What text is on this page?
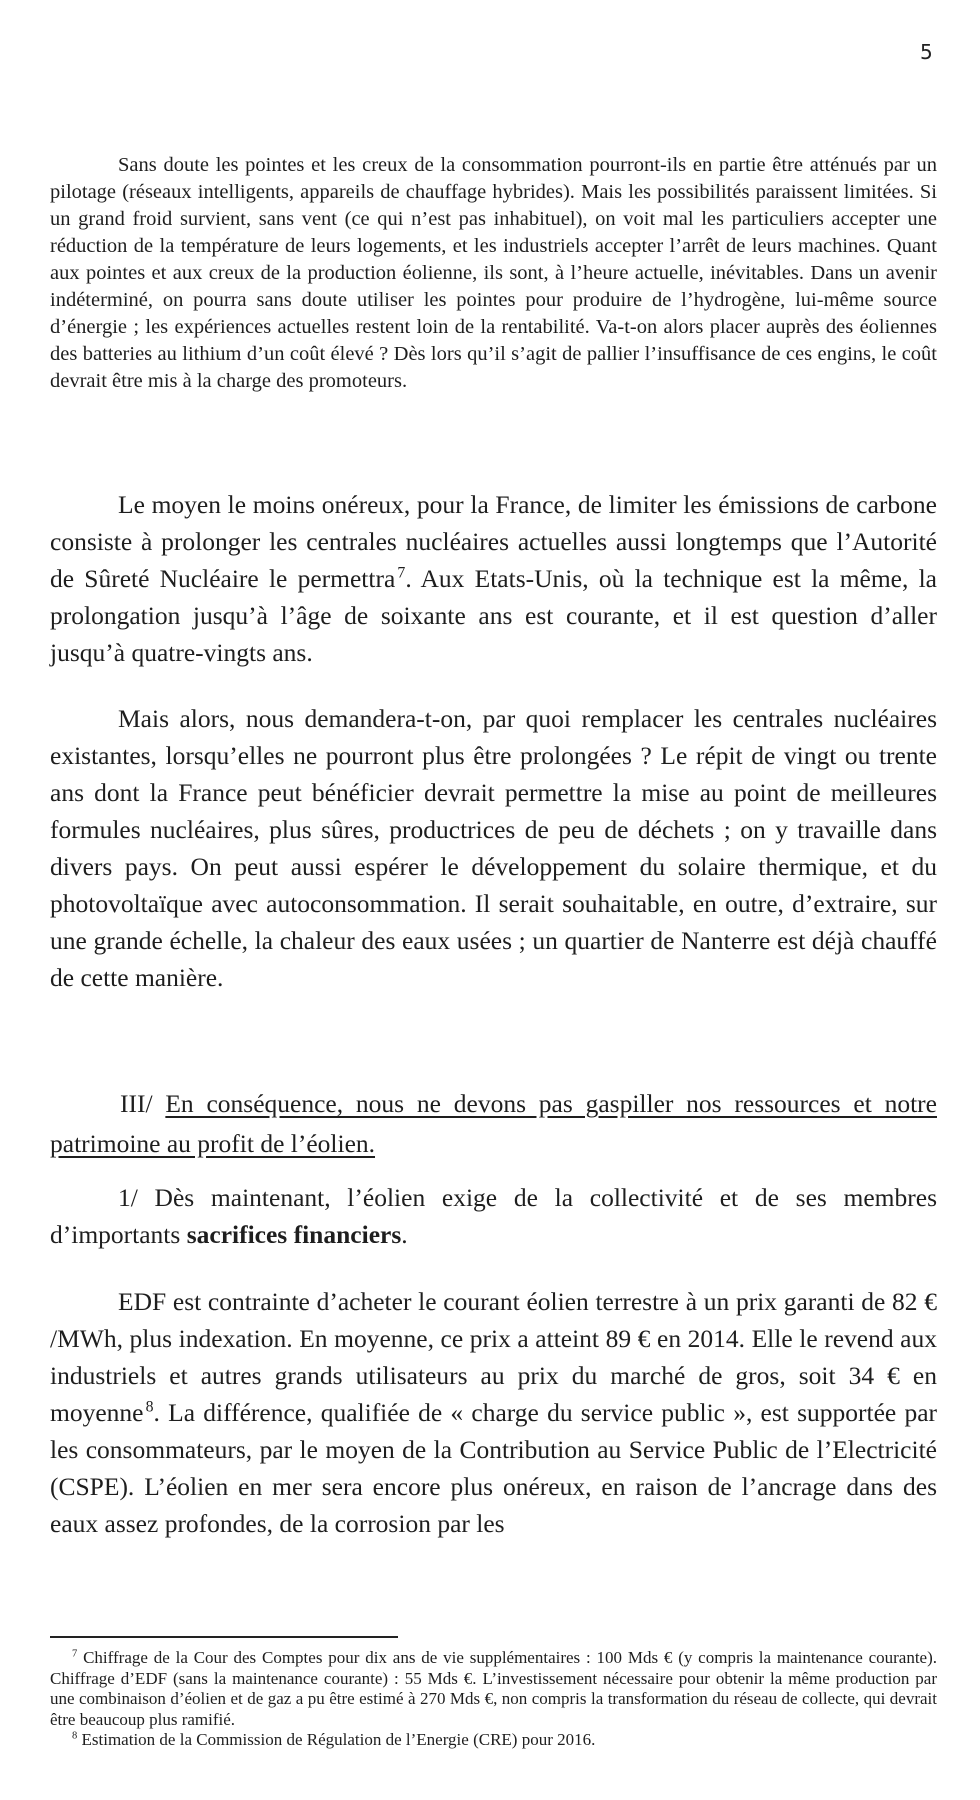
5

Sans doute les pointes et les creux de la consommation pourront-ils en partie être atténués par un pilotage (réseaux intelligents, appareils de chauffage hybrides). Mais les possibilités paraissent limitées. Si un grand froid survient, sans vent (ce qui n’est pas inhabituel), on voit mal les particuliers accepter une réduction de la température de leurs logements, et les industriels accepter l’arrêt de leurs machines. Quant aux pointes et aux creux de la production éolienne, ils sont, à l’heure actuelle, inévitables. Dans un avenir indéterminé, on pourra sans doute utiliser les pointes pour produire de l’hydrogène, lui-même source d’énergie ; les expériences actuelles restent loin de la rentabilité. Va-t-on alors placer auprès des éoliennes des batteries au lithium d’un coût élevé ? Dès lors qu’il s’agit de pallier l’insuffisance de ces engins, le coût devrait être mis à la charge des promoteurs.

Le moyen le moins onéreux, pour la France, de limiter les émissions de carbone consiste à prolonger les centrales nucléaires actuelles aussi longtemps que l’Autorité de Sûreté Nucléaire le permettra  $^7$. Aux Etats-Unis, où la technique est la même, la prolongation jusqu’à l’âge de soixante ans est courante, et il est question d’aller jusqu’à quatre-vingts ans.

Mais alors, nous demandera-t-on, par quoi remplacer les centrales nucléaires existantes, lorsqu’elles ne pourront plus être prolongées ? Le répit de vingt ou trente ans dont la France peut bénéficier devrait permettre la mise au point de meilleures formules nucléaires, plus sûres, productrices de peu de déchets ; on y travaille dans divers pays. On peut aussi espérer le développement du solaire thermique, et du photovoltaïque avec autoconsommation. Il serait souhaitable, en outre, d’extraire, sur une grande échelle, la chaleur des eaux usées ; un quartier de Nanterre est déjà chauffé de cette manière.

III/ En conséquence, nous ne devons pas gaspiller nos ressources et notre patrimoine au profit de l’éolien.

1/ Dès maintenant, l’éolien exige de la collectivité et de ses membres d’importants sacrifices financiers.

EDF est contrainte d’acheter le courant éolien terrestre à un prix garanti de 82 € /MWh, plus indexation. En moyenne, ce prix a atteint 89 € en 2014. Elle le revend aux industriels et autres grands utilisateurs au prix du marché de gros, soit 34 € en moyenne  $^8$. La différence, qualifiée de « charge du service public », est supportée par les consommateurs, par le moyen de la Contribution au Service Public de l’Electricité (CSPE). L’éolien en mer sera encore plus onéreux, en raison de l’ancrage dans des eaux assez profondes, de la corrosion par les

$^7$ Chiffrage de la Cour des Comptes pour dix ans de vie supplémentaires : 100 Mds € (y compris la maintenance courante). Chiffrage d’EDF (sans la maintenance courante) : 55 Mds €. L’investissement nécessaire pour obtenir la même production par une combinaison d’éolien et de gaz a pu être estimé à 270 Mds €, non compris la transformation du réseau de collecte, qui devrait être beaucoup plus ramifié.

$^8$ Estimation de la Commission de Régulation de l’Energie (CRE) pour 2016.
